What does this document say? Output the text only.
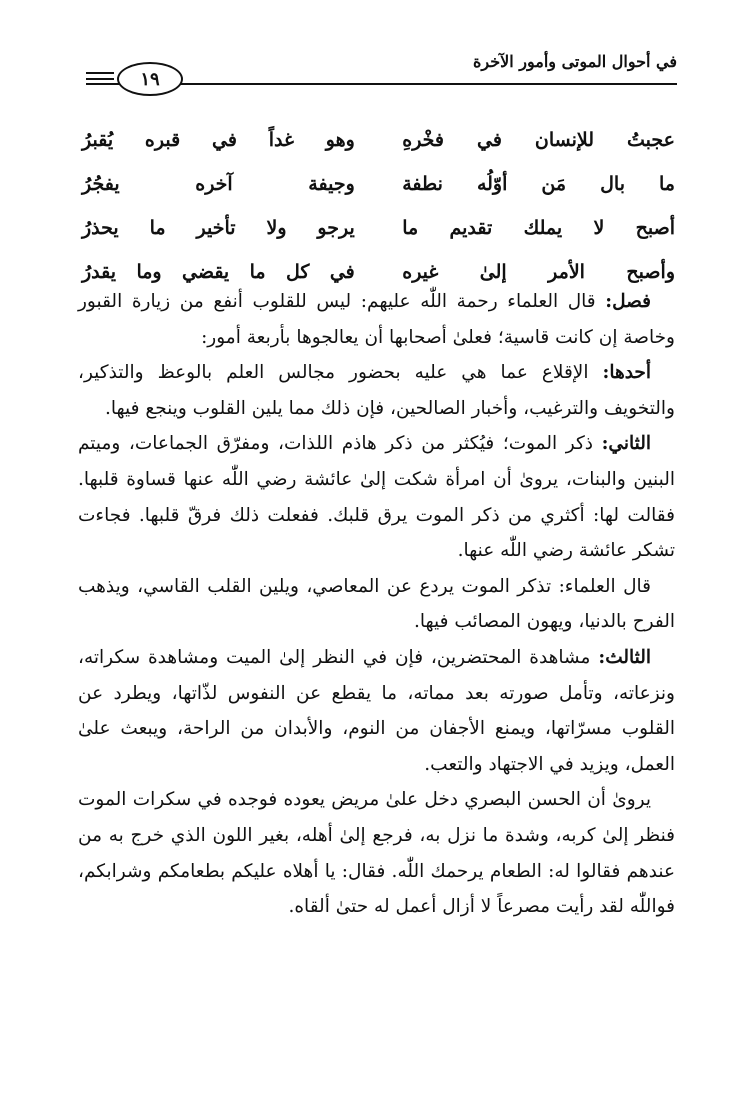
في أحوال الموتى وأمور الآخرة
١٩
عجبتُ للإنسان في فخْرهِ
وهو غداً في قبره يُقبرُ
ما بال مَن أوّلُه نطفة
وجيفة آخره يفجُرُ
أصبح لا يملك تقديم ما
يرجو ولا تأخير ما يحذرُ
وأصبح الأمر إلىٰ غيره
في كل ما يقضي وما يقدرُ

فصل: قال العلماء رحمة اللّٰه عليهم: ليس للقلوب أنفع من زيارة القبور وخاصة إن كانت قاسية؛ فعلىٰ أصحابها أن يعالجوها بأربعة أمور:

أحدها: الإقلاع عما هي عليه بحضور مجالس العلم بالوعظ والتذكير، والتخويف والترغيب، وأخبار الصالحين، فإن ذلك مما يلين القلوب وينجع فيها.

الثاني: ذكر الموت؛ فيُكثر من ذكر هاذم اللذات، ومفرّق الجماعات، وميتم البنين والبنات، يروىٰ أن امرأة شكت إلىٰ عائشة رضي اللّٰه عنها قساوة قلبها. فقالت لها: أكثري من ذكر الموت يرق قلبك. ففعلت ذلك فرقّ قلبها. فجاءت تشكر عائشة رضي اللّٰه عنها.

قال العلماء: تذكر الموت يردع عن المعاصي، ويلين القلب القاسي، ويذهب الفرح بالدنيا، ويهون المصائب فيها.

الثالث: مشاهدة المحتضرين، فإن في النظر إلىٰ الميت ومشاهدة سكراته، ونزعاته، وتأمل صورته بعد مماته، ما يقطع عن النفوس لذّاتها، ويطرد عن القلوب مسرّاتها، ويمنع الأجفان من النوم، والأبدان من الراحة، ويبعث علىٰ العمل، ويزيد في الاجتهاد والتعب.

يروىٰ أن الحسن البصري دخل علىٰ مريض يعوده فوجده في سكرات الموت فنظر إلىٰ كربه، وشدة ما نزل به، فرجع إلىٰ أهله، بغير اللون الذي خرج به من عندهم فقالوا له: الطعام يرحمك اللّٰه. فقال: يا أهلاه عليكم بطعامكم وشرابكم، فواللّٰه لقد رأيت مصرعاً لا أزال أعمل له حتىٰ ألقاه.
